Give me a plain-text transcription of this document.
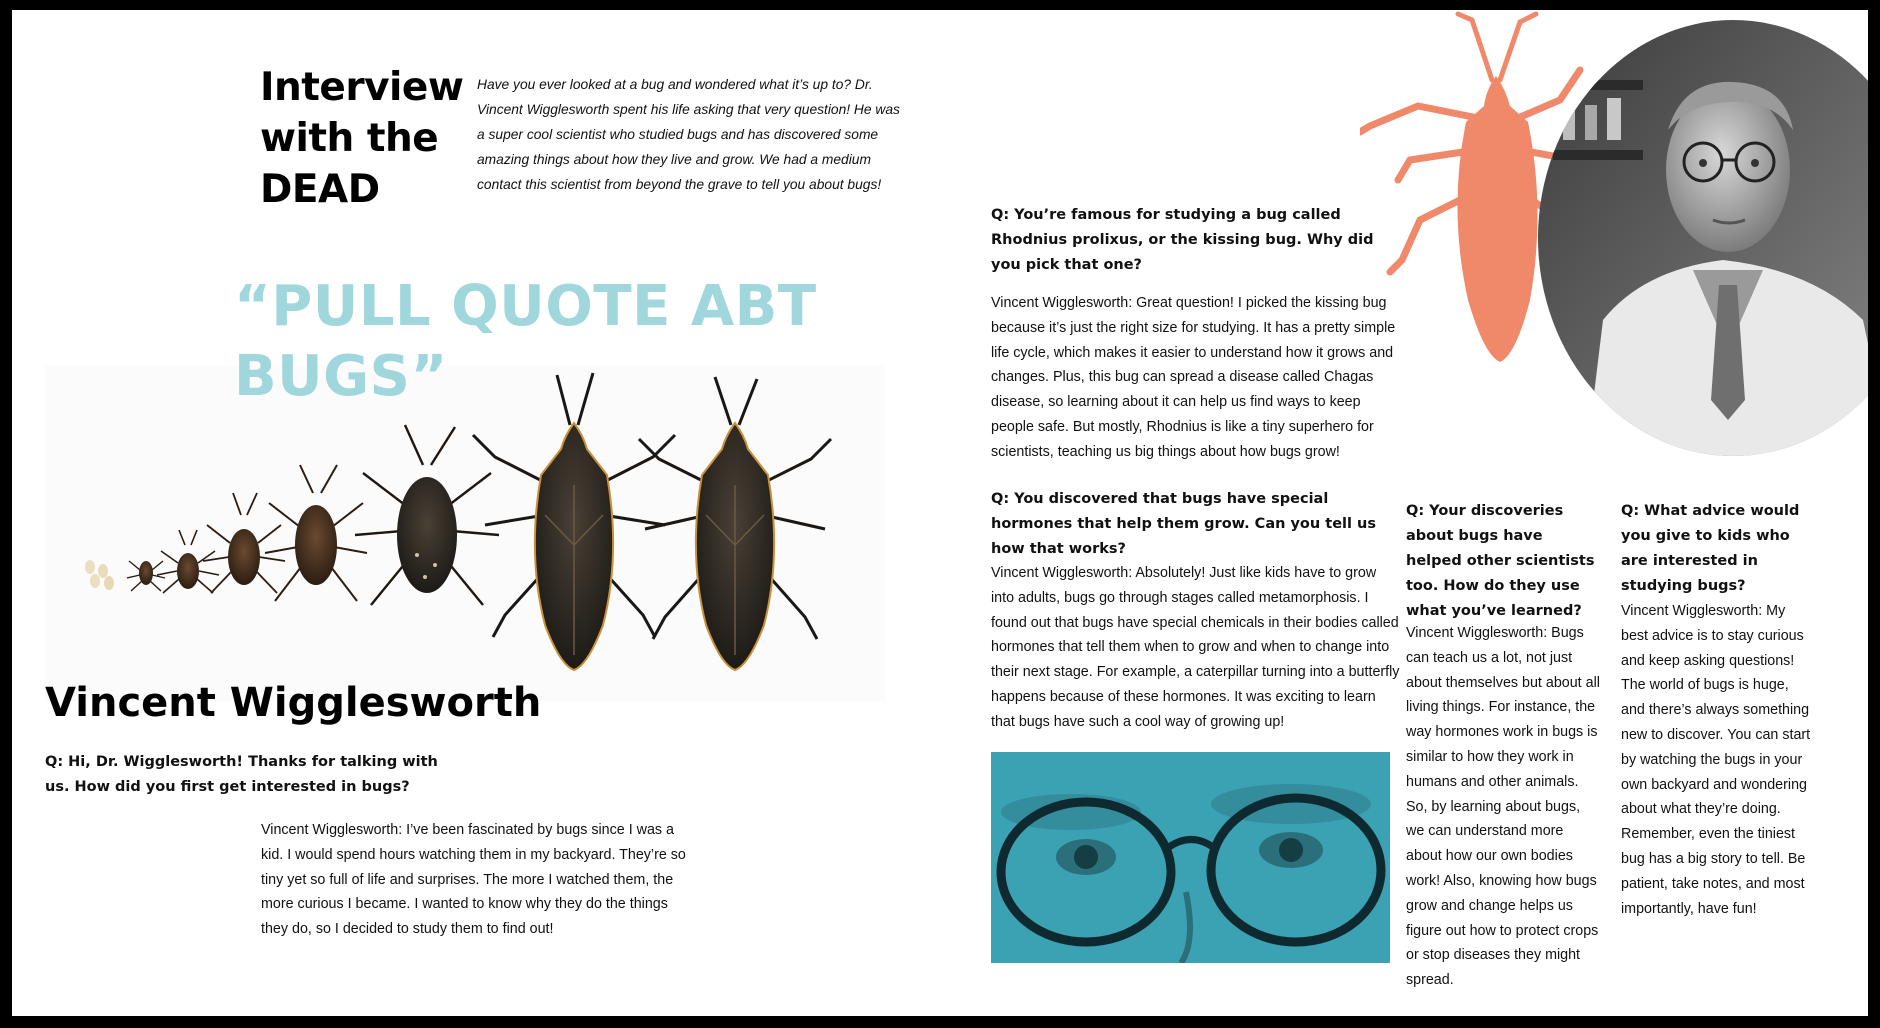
Interview
with the
DEAD

Have you ever looked at a bug and wondered what it’s up to? Dr. Vincent Wigglesworth spent his life asking that very question! He was a super cool scientist who studied bugs and has discovered some amazing things about how they live and grow. We had a medium contact this scientist from beyond the grave to tell you about bugs!

“PULL QUOTE ABT BUGS”
Vincent Wigglesworth

Q: Hi, Dr. Wigglesworth! Thanks for talking with us. How did you first get interested in bugs?

Vincent Wigglesworth: I’ve been fascinated by bugs since I was a kid. I would spend hours watching them in my backyard. They’re so tiny yet so full of life and surprises. The more I watched them, the more curious I became. I wanted to know why they do the things they do, so I decided to study them to find out!

Q: You’re famous for studying a bug called Rhodnius prolixus, or the kissing bug. Why did you pick that one?

Vincent Wigglesworth: Great question! I picked the kissing bug because it’s just the right size for studying. It has a pretty simple life cycle, which makes it easier to understand how it grows and changes. Plus, this bug can spread a disease called Chagas disease, so learning about it can help us find ways to keep people safe. But mostly, Rhodnius is like a tiny superhero for scientists, teaching us big things about how bugs grow!

Q: You discovered that bugs have special hormones that help them grow. Can you tell us how that works?

Vincent Wigglesworth: Absolutely! Just like kids have to grow into adults, bugs go through stages called metamorphosis. I found out that bugs have special chemicals in their bodies called hormones that tell them when to grow and when to change into their next stage. For example, a caterpillar turning into a butterfly happens because of these hormones. It was exciting to learn that bugs have such a cool way of growing up!

Q: Your discoveries about bugs have helped other scientists too. How do they use what you’ve learned?

Vincent Wigglesworth: Bugs can teach us a lot, not just about themselves but about all living things. For instance, the way hormones work in bugs is similar to how they work in humans and other animals. So, by learning about bugs, we can understand more about how our own bodies work! Also, knowing how bugs grow and change helps us figure out how to protect crops or stop diseases they might spread.

Q: What advice would you give to kids who are interested in studying bugs?

Vincent Wigglesworth: My best advice is to stay curious and keep asking questions! The world of bugs is huge, and there’s always something new to discover. You can start by watching the bugs in your own backyard and wondering about what they’re doing. Remember, even the tiniest bug has a big story to tell. Be patient, take notes, and most importantly, have fun!
